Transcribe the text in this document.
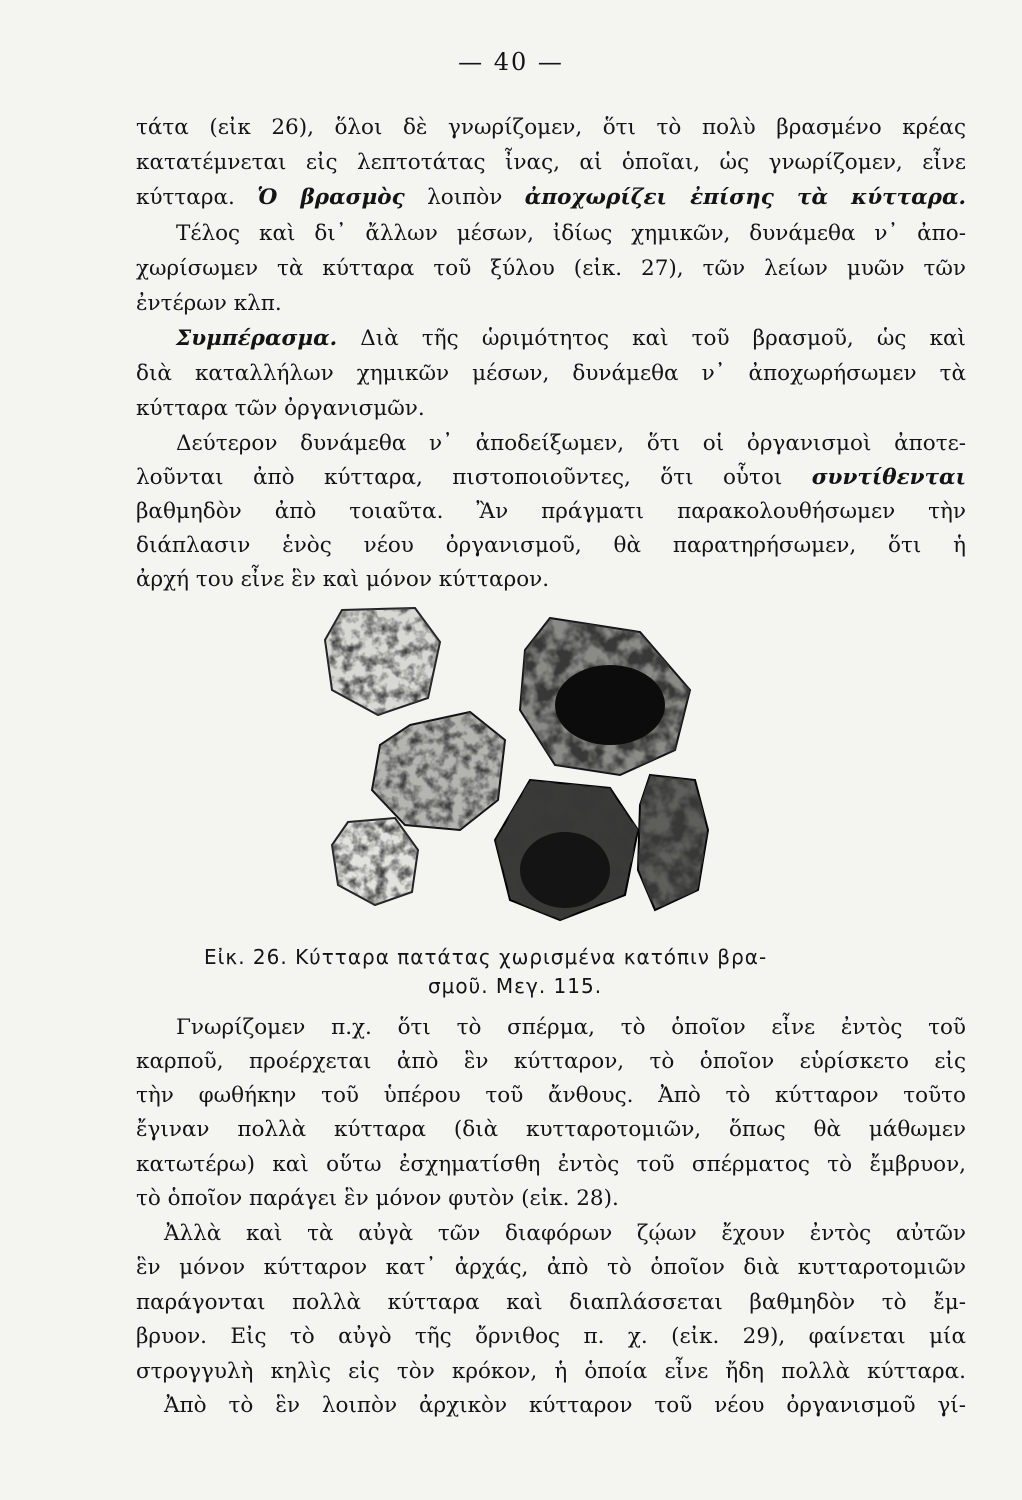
— 40 —
τάτα (εἰκ 26), ὅλοι δὲ γνωρίζομεν, ὅτι τὸ πολὺ βρασμένο κρέας
κατατέμνεται εἰς λεπτοτάτας ἶνας, αἱ ὁποῖαι, ὡς γνωρίζομεν, εἶνε
κύτταρα. Ὁ βρασμὸς λοιπὸν ἀποχωρίζει ἐπίσης τὰ κύτταρα.
Τέλος καὶ δι᾿ ἄλλων μέσων, ἰδίως χημικῶν, δυνάμεθα ν᾿ ἀπο-
χωρίσωμεν τὰ κύτταρα τοῦ ξύλου (εἰκ. 27), τῶν λείων μυῶν τῶν
ἐντέρων κλπ.
Συμπέρασμα. Διὰ τῆς ὡριμότητος καὶ τοῦ βρασμοῦ, ὡς καὶ
διὰ καταλλήλων χημικῶν μέσων, δυνάμεθα ν᾿ ἀποχωρήσωμεν τὰ
κύτταρα τῶν ὀργανισμῶν.
Δεύτερον δυνάμεθα ν᾿ ἀποδείξωμεν, ὅτι οἱ ὀργανισμοὶ ἀποτε-
λοῦνται ἀπὸ κύτταρα, πιστοποιοῦντες, ὅτι οὗτοι συντίθενται
βαθμηδὸν ἀπὸ τοιαῦτα. Ἂν πράγματι παρακολουθήσωμεν τὴν
διάπλασιν ἑνὸς νέου ὀργανισμοῦ, θὰ παρατηρήσωμεν, ὅτι ἡ
ἀρχή του εἶνε ἓν καὶ μόνον κύτταρον.
Εἰκ. 26. Κύτταρα πατάτας χωρισμένα κατόπιν βρα-
σμοῦ. Μεγ. 115.
Γνωρίζομεν π.χ. ὅτι τὸ σπέρμα, τὸ ὁποῖον εἶνε ἐντὸς τοῦ
καρποῦ, προέρχεται ἀπὸ ἓν κύτταρον, τὸ ὁποῖον εὑρίσκετο εἰς
τὴν φωθήκην τοῦ ὑπέρου τοῦ ἄνθους. Ἀπὸ τὸ κύτταρον τοῦτο
ἔγιναν πολλὰ κύτταρα (διὰ κυτταροτομιῶν, ὅπως θὰ μάθωμεν
κατωτέρω) καὶ οὕτω ἐσχηματίσθη ἐντὸς τοῦ σπέρματος τὸ ἔμβρυον,
τὸ ὁποῖον παράγει ἓν μόνον φυτὸν (εἰκ. 28).
Ἀλλὰ καὶ τὰ αὐγὰ τῶν διαφόρων ζῴων ἔχουν ἐντὸς αὐτῶν
ἓν μόνον κύτταρον κατ᾿ ἀρχάς, ἀπὸ τὸ ὁποῖον διὰ κυτταροτομιῶν
παράγονται πολλὰ κύτταρα καὶ διαπλάσσεται βαθμηδὸν τὸ ἔμ-
βρυον. Εἰς τὸ αὐγὸ τῆς ὄρνιθος π. χ. (εἰκ. 29), φαίνεται μία
στρογγυλὴ κηλὶς εἰς τὸν κρόκον, ἡ ὁποία εἶνε ἤδη πολλὰ κύτταρα.
Ἀπὸ τὸ ἓν λοιπὸν ἀρχικὸν κύτταρον τοῦ νέου ὀργανισμοῦ γί-
